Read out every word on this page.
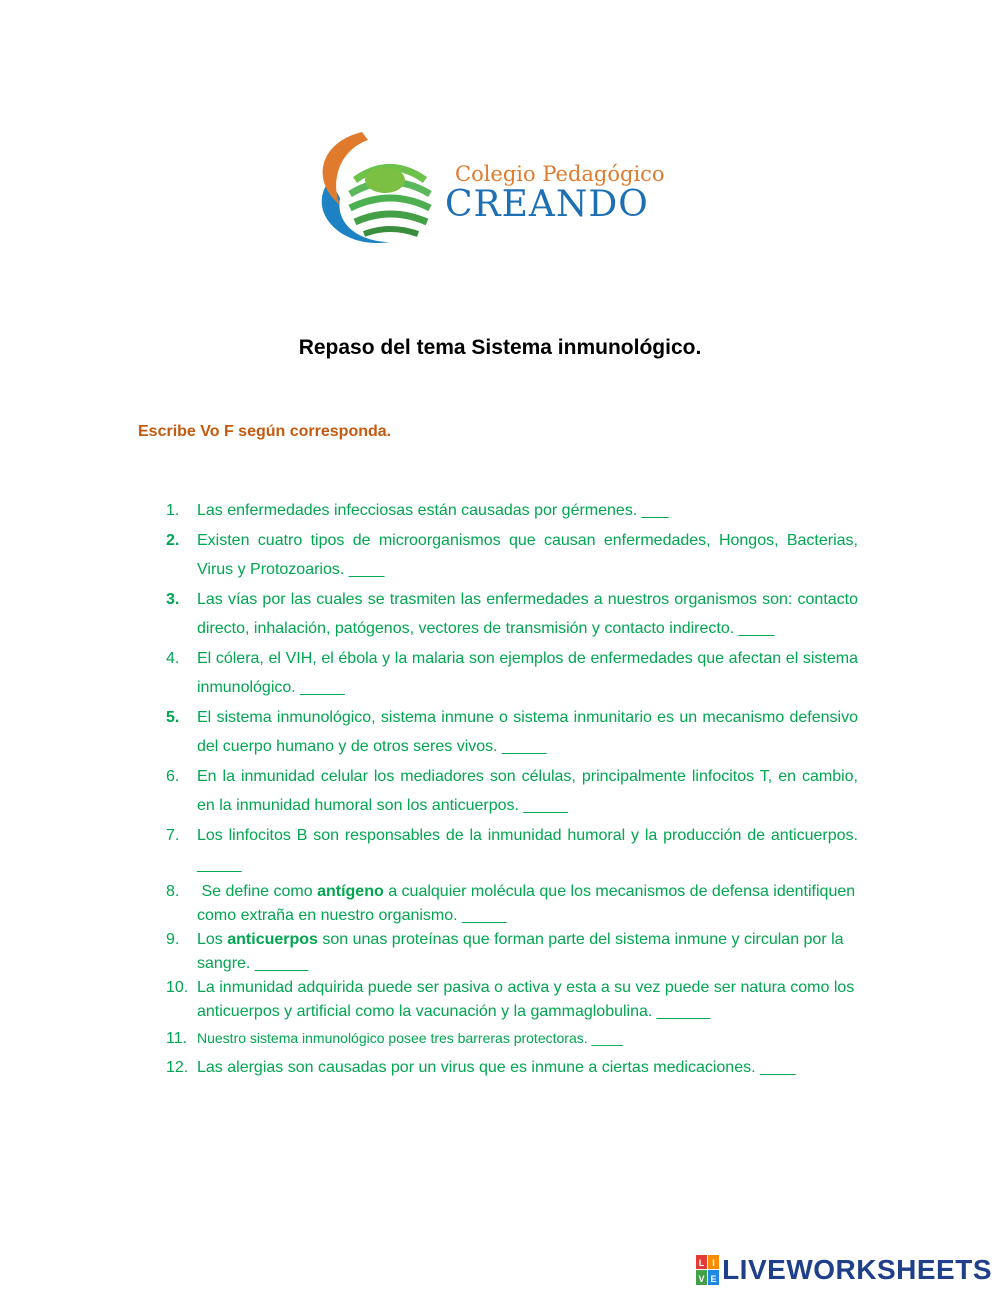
Colegio Pedagógico
CREANDO
Repaso del tema Sistema inmunológico.
Escribe Vo F según corresponda.
1.	Las enfermedades infecciosas están causadas por gérmenes. ___
2.	Existen cuatro tipos de microorganismos que causan enfermedades, Hongos, Bacterias, Virus y Protozoarios. ____
3.	Las vías por las cuales se trasmiten las enfermedades a nuestros organismos son: contacto directo, inhalación, patógenos, vectores de transmisión y contacto indirecto. ____
4.	El cólera, el VIH, el ébola y la malaria son ejemplos de enfermedades que afectan el sistema inmunológico. _____
5.	El sistema inmunológico, sistema inmune o sistema inmunitario es un mecanismo defensivo del cuerpo humano y de otros seres vivos. _____
6.	En la inmunidad celular los mediadores son células, principalmente linfocitos T, en cambio, en la inmunidad humoral son los anticuerpos. _____
7.	Los linfocitos B son responsables de la inmunidad humoral y la producción de anticuerpos. _____
8.	Se define como antígeno a cualquier molécula que los mecanismos de defensa identifiquen como extraña en nuestro organismo. _____
9.	Los anticuerpos son unas proteínas que forman parte del sistema inmune y circulan por la sangre. ______
10. La inmunidad adquirida puede ser pasiva o activa y esta a su vez puede ser natura como los anticuerpos y artificial como la vacunación y la gammaglobulina. ______
11. Nuestro sistema inmunológico posee tres barreras protectoras. ____
12. Las alergias son causadas por un virus que es inmune a ciertas medicaciones. ____
L I
V E LIVEWORKSHEETS
